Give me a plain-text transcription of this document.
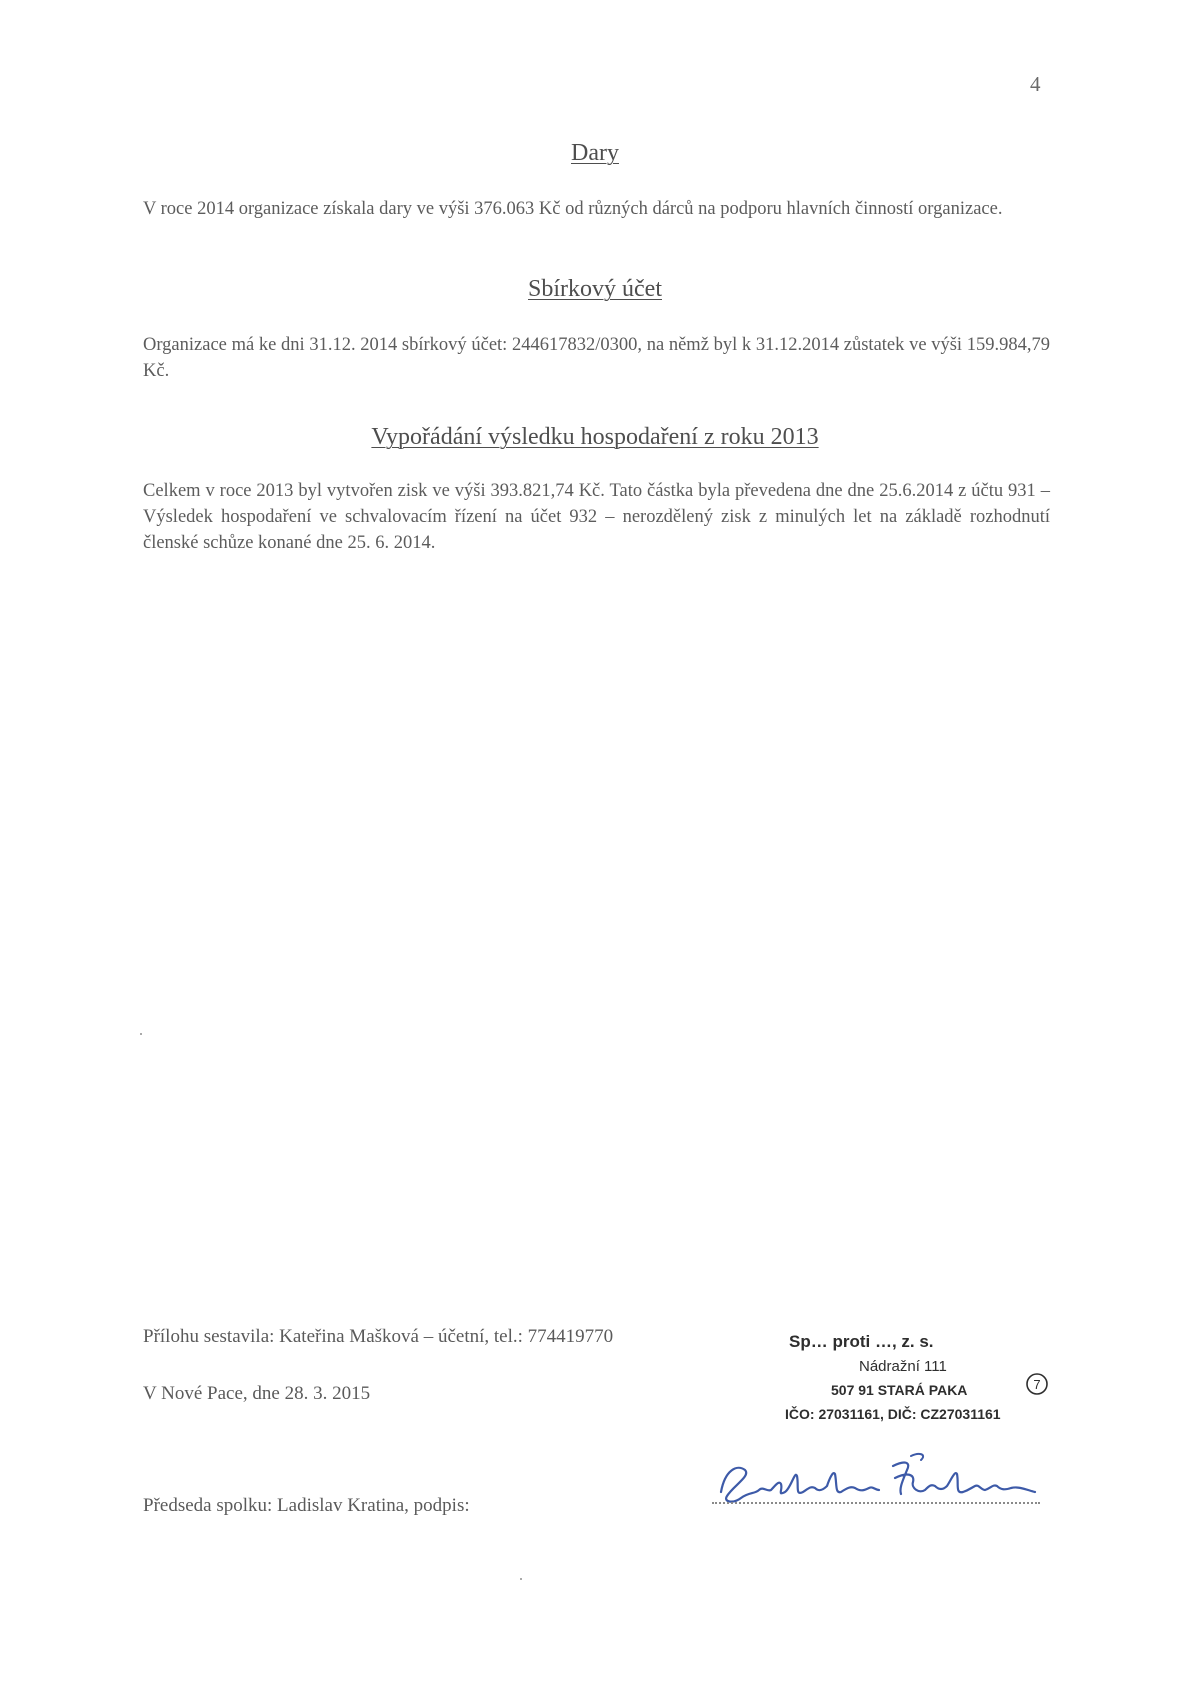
4
Dary
V roce 2014 organizace získala dary ve výši 376.063 Kč od různých dárců na podporu hlavních činností organizace.
Sbírkový účet
Organizace má ke dni 31.12. 2014 sbírkový účet: 244617832/0300, na němž byl k 31.12.2014 zůstatek ve výši 159.984,79 Kč.
Vypořádání výsledku hospodaření z roku 2013
Celkem v roce 2013 byl vytvořen zisk ve výši 393.821,74 Kč. Tato částka byla převedena dne dne 25.6.2014 z účtu 931 – Výsledek hospodaření ve schvalovacím řízení na účet 932 – nerozdělený zisk z minulých let na základě rozhodnutí členské schůze konané dne 25. 6. 2014.
Přílohu sestavila: Kateřina Mašková – účetní, tel.: 774419770
V Nové Pace, dne 28. 3. 2015
Předseda spolku: Ladislav Kratina, podpis:
Sp… proti …, z. s.
Nádražní 111
507 91 STARÁ PAKA
IČO: 27031161, DIČ: CZ27031161
7
